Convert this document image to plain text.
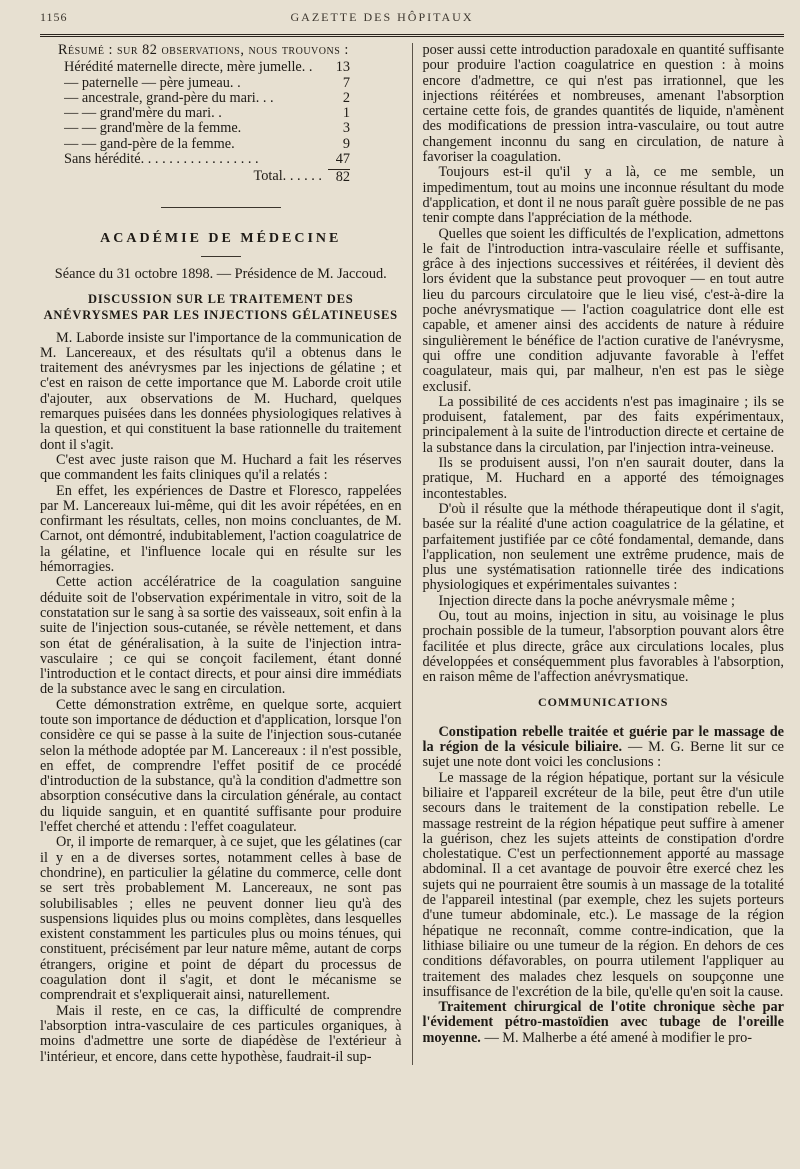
1156	GAZETTE DES HÔPITAUX
Résumé : sur 82 observations, nous trouvons :
Hérédité maternelle directe, mère jumelle. .	13
— paternelle — père jumeau. .	7
— ancestrale, grand-père du mari. . .	2
— — grand'mère du mari. .	1
— — grand'mère de la femme.	3
— — gand-père de la femme.	9
Sans hérédité. . . . . . . . . . . . . . . . .	47
Total. . . . . . 82
ACADÉMIE DE MÉDECINE
Séance du 31 octobre 1898. — Présidence de M. Jaccoud.
DISCUSSION SUR LE TRAITEMENT DES ANÉVRYSMES PAR LES INJECTIONS GÉLATINEUSES

M. Laborde insiste sur l'importance de la communication de M. Lancereaux, et des résultats qu'il a obtenus dans le traitement des anévrysmes par les injections de gélatine ; et c'est en raison de cette importance que M. Laborde croit utile d'ajouter, aux observations de M. Huchard, quelques remarques puisées dans les données physiologiques relatives à la question, et qui constituent la base rationnelle du traitement dont il s'agit.

C'est avec juste raison que M. Huchard a fait les réserves que commandent les faits cliniques qu'il a relatés :

En effet, les expériences de Dastre et Floresco, rappelées par M. Lancereaux lui-même, qui dit les avoir répétées, en en confirmant les résultats, celles, non moins concluantes, de M. Carnot, ont démontré, indubitablement, l'action coagulatrice de la gélatine, et l'influence locale qui en résulte sur les hémorragies.

Cette action accélératrice de la coagulation sanguine déduite soit de l'observation expérimentale in vitro, soit de la constatation sur le sang à sa sortie des vaisseaux, soit enfin à la suite de l'injection sous-cutanée, se révèle nettement, et dans son état de généralisation, à la suite de l'injection intra-vasculaire ; ce qui se conçoit facilement, étant donné l'introduction et le contact directs, et pour ainsi dire immédiats de la substance avec le sang en circulation.

Cette démonstration extrême, en quelque sorte, acquiert toute son importance de déduction et d'application, lorsque l'on considère ce qui se passe à la suite de l'injection sous-cutanée selon la méthode adoptée par M. Lancereaux : il n'est possible, en effet, de comprendre l'effet positif de ce procédé d'introduction de la substance, qu'à la condition d'admettre son absorption consécutive dans la circulation générale, au contact du liquide sanguin, et en quantité suffisante pour produire l'effet cherché et attendu : l'effet coagulateur.

Or, il importe de remarquer, à ce sujet, que les gélatines (car il y en a de diverses sortes, notamment celles à base de chondrine), en particulier la gélatine du commerce, celle dont se sert très probablement M. Lancereaux, ne sont pas solubilisables ; elles ne peuvent donner lieu qu'à des suspensions liquides plus ou moins complètes, dans lesquelles existent constamment les particules plus ou moins ténues, qui constituent, précisément par leur nature même, autant de corps étrangers, origine et point de départ du processus de coagulation dont il s'agit, et dont le mécanisme se comprendrait et s'expliquerait ainsi, naturellement.

Mais il reste, en ce cas, la difficulté de comprendre l'absorption intra-vasculaire de ces particules organiques, à moins d'admettre une sorte de diapédèse de l'extérieur à l'intérieur, et encore, dans cette hypothèse, faudrait-il sup-

poser aussi cette introduction paradoxale en quantité suffisante pour produire l'action coagulatrice en question : à moins encore d'admettre, ce qui n'est pas irrationnel, que les injections réitérées et nombreuses, amenant l'absorption certaine cette fois, de grandes quantités de liquide, n'amènent des modifications de pression intra-vasculaire, ou tout autre changement inconnu du sang en circulation, de nature à favoriser la coagulation.

Toujours est-il qu'il y a là, ce me semble, un impedimentum, tout au moins une inconnue résultant du mode d'application, et dont il ne nous paraît guère possible de ne pas tenir compte dans l'appréciation de la méthode.

Quelles que soient les difficultés de l'explication, admettons le fait de l'introduction intra-vasculaire réelle et suffisante, grâce à des injections successives et réitérées, il devient dès lors évident que la substance peut provoquer — en tout autre lieu du parcours circulatoire que le lieu visé, c'est-à-dire la poche anévrysmatique — l'action coagulatrice dont elle est capable, et amener ainsi des accidents de nature à réduire singulièrement le bénéfice de l'action curative de l'anévrysme, qui offre une condition adjuvante favorable à l'effet coagulateur, mais qui, par malheur, n'en est pas le siège exclusif.

La possibilité de ces accidents n'est pas imaginaire ; ils se produisent, fatalement, par des faits expérimentaux, principalement à la suite de l'introduction directe et certaine de la substance dans la circulation, par l'injection intra-veineuse.

Ils se produisent aussi, l'on n'en saurait douter, dans la pratique, M. Huchard en a apporté des témoignages incontestables.

D'où il résulte que la méthode thérapeutique dont il s'agit, basée sur la réalité d'une action coagulatrice de la gélatine, et parfaitement justifiée par ce côté fondamental, demande, dans l'application, non seulement une extrême prudence, mais de plus une systématisation rationnelle tirée des indications physiologiques et expérimentales suivantes :

Injection directe dans la poche anévrysmale même ;

Ou, tout au moins, injection in situ, au voisinage le plus prochain possible de la tumeur, l'absorption pouvant alors être facilitée et plus directe, grâce aux circulations locales, plus développées et conséquemment plus favorables à l'absorption, en raison même de l'affection anévrysmatique.

COMMUNICATIONS

Constipation rebelle traitée et guérie par le massage de la région de la vésicule biliaire. — M. G. Berne lit sur ce sujet une note dont voici les conclusions :

Le massage de la région hépatique, portant sur la vésicule biliaire et l'appareil excréteur de la bile, peut être d'un utile secours dans le traitement de la constipation rebelle. Le massage restreint de la région hépatique peut suffire à amener la guérison, chez les sujets atteints de constipation d'ordre cholestatique. C'est un perfectionnement apporté au massage abdominal. Il a cet avantage de pouvoir être exercé chez les sujets qui ne pourraient être soumis à un massage de la totalité de l'appareil intestinal (par exemple, chez les sujets porteurs d'une tumeur abdominale, etc.). Le massage de la région hépatique ne reconnaît, comme contre-indication, que la lithiase biliaire ou une tumeur de la région. En dehors de ces conditions défavorables, on pourra utilement l'appliquer au traitement des malades chez lesquels on soupçonne une insuffisance de l'excrétion de la bile, qu'elle qu'en soit la cause.

Traitement chirurgical de l'otite chronique sèche par l'évidement pétro-mastoïdien avec tubage de l'oreille moyenne. — M. Malherbe a été amené à modifier le pro-
